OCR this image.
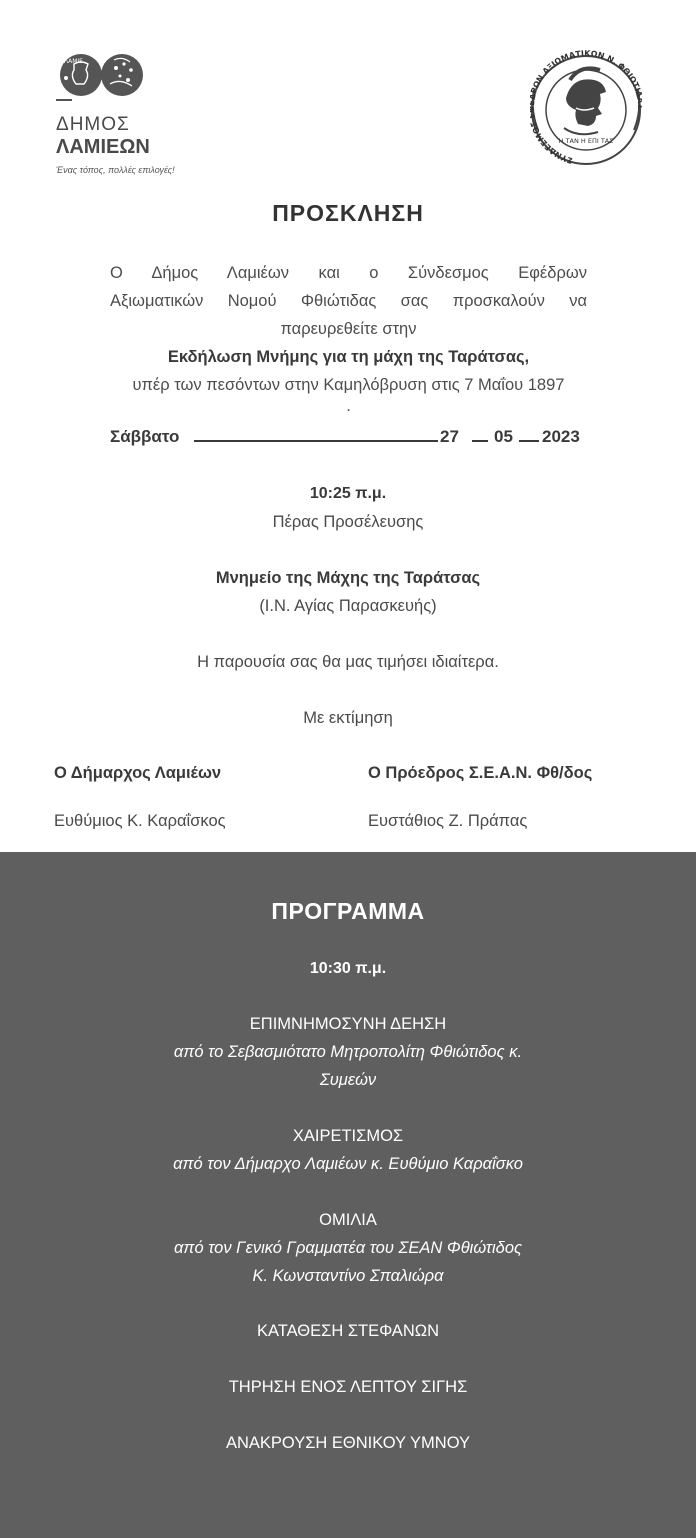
ΛΑΜΙΕ
ΔΗΜΟΣ
ΛΑΜΙΕΩΝ
Ένας τόπος, πολλές επιλογές!
ΣΥΝΔΕΣΜΟ ΡΩΝ ΑΞΙΩΜΑΤΙΚΩΝ Ν. ΦΘΙΩΤΙ
Η ΤΑΝ Η ΕΠΙ ΤΑΣ
ΠΡΟΣΚΛΗΣΗ
Ο Δήμος Λαμιέων και ο Σύνδεσμος Εφέδρων
Αξιωματικών Νομού Φθιώτιδας σας προσκαλούν να
παρευρεθείτε στην
Εκδήλωση Μνήμης για τη μάχη της Ταράτσας,
υπέρ των πεσόντων στην Καμηλόβρυση στις 7 Μαΐου 1897
.
Σάββατο	27 05 2023
10:25 π.μ.
Πέρας Προσέλευσης
Μνημείο της Μάχης της Ταράτσας
(Ι.Ν. Αγίας Παρασκευής)
Η παρουσία σας θα μας τιμήσει ιδιαίτερα.
Με εκτίμηση
Ο Δήμαρχος Λαμιέων	Ο Πρόεδρος Σ.Ε.Α.Ν. Φθ/δος
Ευθύμιος Κ. Καραΐσκος	Ευστάθιος Ζ. Πράπας
ΠΡΟΓΡΑΜΜΑ
10:30 π.μ.
ΕΠΙΜΝΗΜΟΣΥΝΗ ΔΕΗΣΗ
από το Σεβασμιότατο Μητροπολίτη Φθιώτιδος κ.
Συμεών
ΧΑΙΡΕΤΙΣΜΟΣ
από τον Δήμαρχο Λαμιέων κ. Ευθύμιο Καραΐσκο
ΟΜΙΛΙΑ
από τον Γενικό Γραμματέα του ΣΕΑΝ Φθιώτιδος
Κ. Κωνσταντίνο Σπαλιώρα
ΚΑΤΑΘΕΣΗ ΣΤΕΦΑΝΩΝ
ΤΗΡΗΣΗ ΕΝΟΣ ΛΕΠΤΟΥ ΣΙΓΗΣ
ΑΝΑΚΡΟΥΣΗ ΕΘΝΙΚΟΥ ΥΜΝΟΥ
